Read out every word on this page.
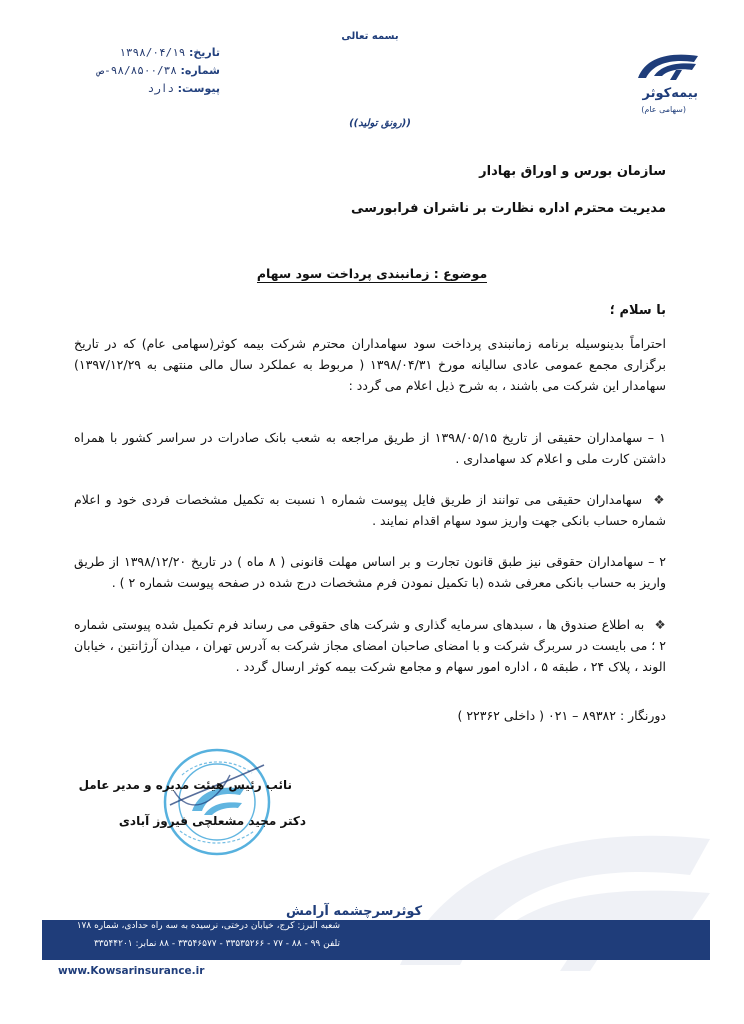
بسمه تعالی
تاریخ: ۱۳۹۸/۰۴/۱۹
شماره: ۹۸/۸۵۰۰/۳۸-ص
پیوست: دارد	بیمه‌کوثر
(سهامی عام)
((رونق تولید))
سازمان بورس و اوراق بهادار
مدیریت محترم اداره نظارت بر ناشران فرابورسی
موضوع : زمانبندی پرداخت سود سهام
با سلام ؛
احتراماً بدینوسیله برنامه زمانبندی پرداخت سود سهامداران محترم شرکت بیمه کوثر(سهامی عام) که در تاریخ برگزاری مجمع عمومی عادی سالیانه مورخ ۱۳۹۸/۰۴/۳۱ ( مربوط به عملکرد سال مالی منتهی به ۱۳۹۷/۱۲/۲۹) سهامدار این شرکت می باشند ، به شرح ذیل اعلام می گردد :
۱ – سهامداران حقیقی از تاریخ ۱۳۹۸/۰۵/۱۵ از طریق مراجعه به شعب بانک صادرات در سراسر کشور با همراه داشتن کارت ملی و اعلام کد سهامداری .
❖ سهامداران حقیقی می توانند از طریق فایل پیوست شماره ۱ نسبت به تکمیل مشخصات فردی خود و اعلام شماره حساب بانکی جهت واریز سود سهام اقدام نمایند .
۲ – سهامداران حقوقی نیز طبق قانون تجارت و بر اساس مهلت قانونی ( ۸ ماه ) در تاریخ ۱۳۹۸/۱۲/۲۰ از طریق واریز به حساب بانکی معرفی شده (با تکمیل نمودن فرم مشخصات درج شده در صفحه پیوست شماره ۲ ) .
❖ به اطلاع صندوق ها ، سبدهای سرمایه گذاری و شرکت های حقوقی می رساند فرم تکمیل شده پیوستی شماره ۲ ؛ می بایست در سربرگ شرکت و با امضای صاحبان امضای مجاز شرکت به آدرس تهران ، میدان آرژانتین ، خیابان الوند ، پلاک ۲۴ ، طبقه ۵ ، اداره امور سهام و مجامع شرکت بیمه کوثر ارسال گردد .
دورنگار : ۸۹۳۸۲ – ۰۲۱ ( داخلی ۲۲۳۶۲ )
نائب رئیس هیئت مدیره و مدیر عامل
دکتر مجید مشعلچی فیروز آبادی
کوثرسرچشمه آرامش
شعبه البرز: کرج، خیابان درختی، نرسیده به سه راه حدادی، شماره ۱۷۸
تلفن ۹۹ - ۸۸ - ۷۷ - ۳۳۵۳۵۲۶۶ - ۳۳۵۴۶۵۷۷ - ۸۸ نمابر: ۳۳۵۴۴۲۰۱
www.Kowsarinsurance.ir
